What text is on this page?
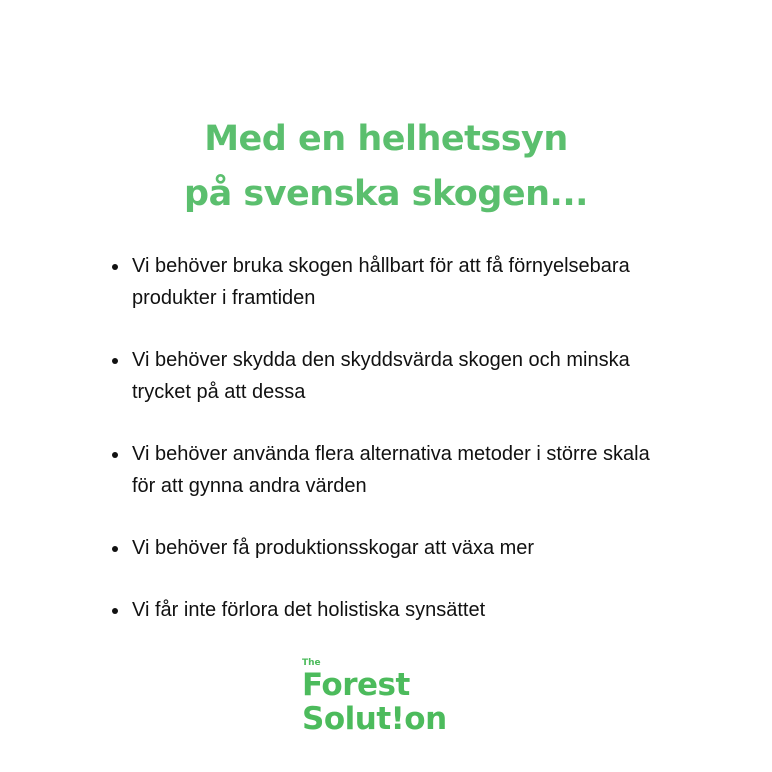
Med en helhetssyn
på svenska skogen...
Vi behöver bruka skogen hållbart för att få förnyelsebara produkter i framtiden
Vi behöver skydda den skyddsvärda skogen och minska trycket på att dessa
Vi behöver använda flera alternativa metoder i större skala för att gynna andra värden
Vi behöver få produktionsskogar att växa mer
Vi får inte förlora det holistiska synsättet
The
Forest
Solut!on
